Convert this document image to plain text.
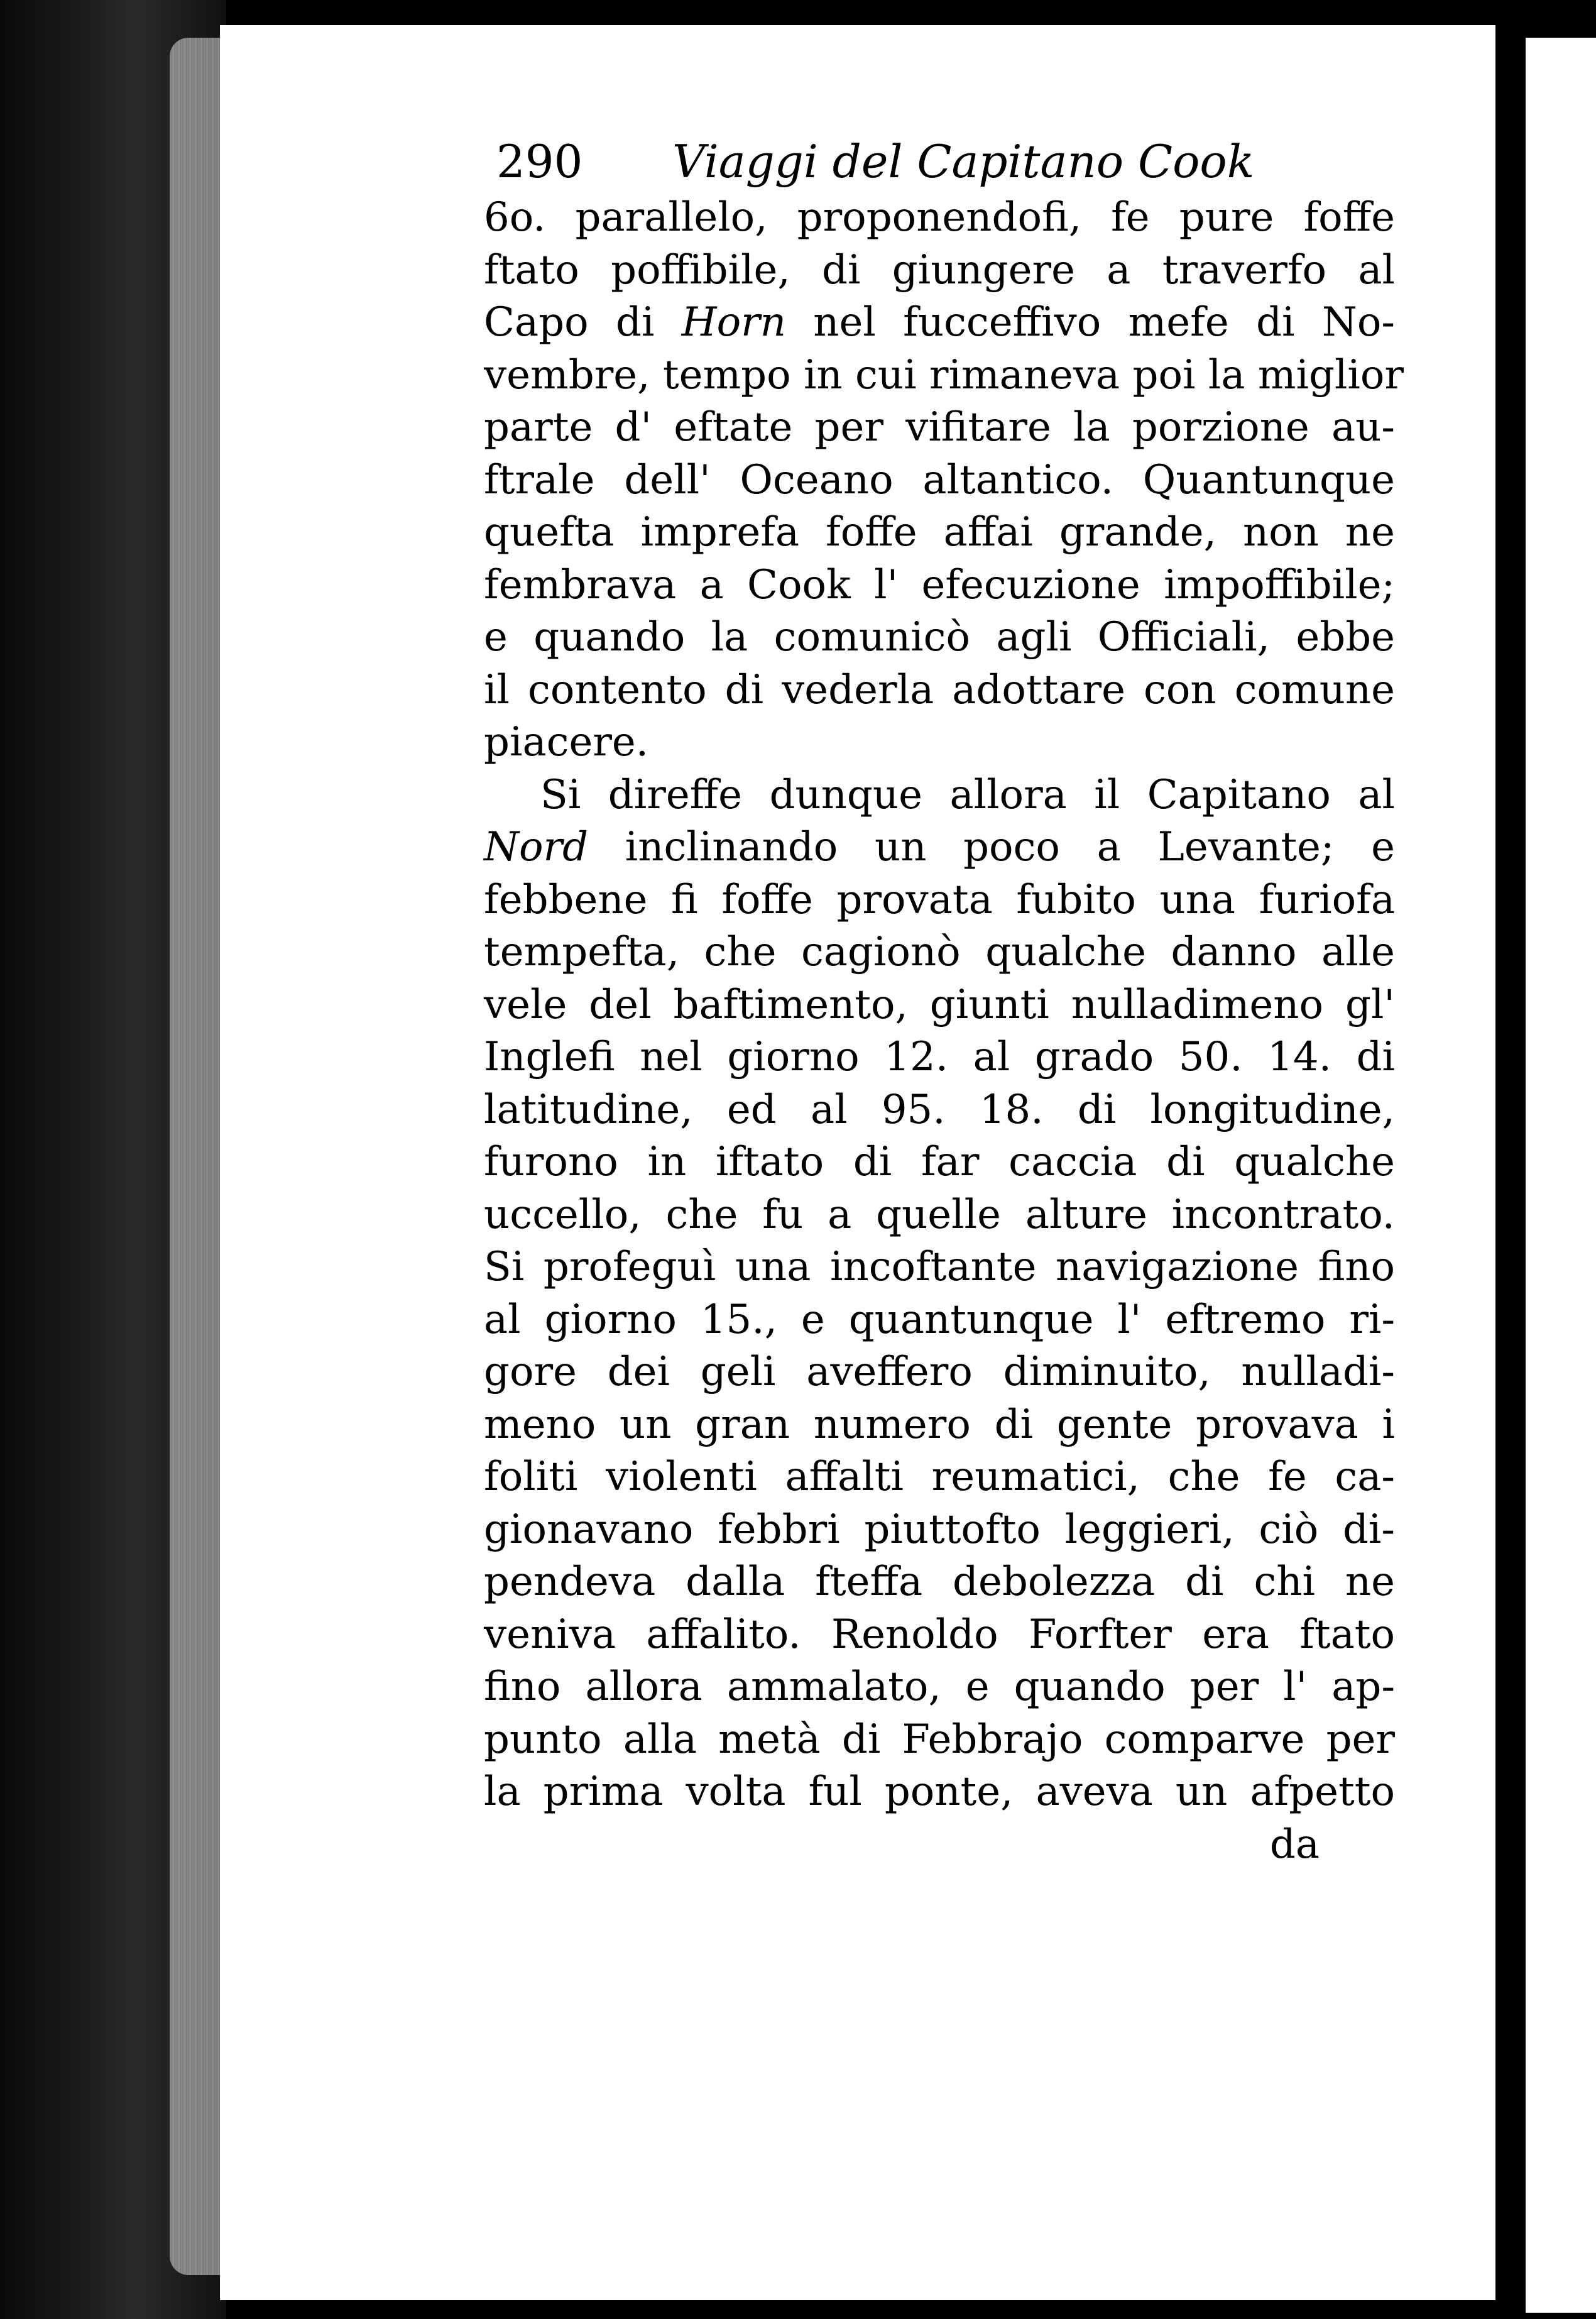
290 Viaggi del Capitano Cook
6o. parallelo, proponendofi, fe pure foffe
ftato poffibile, di giungere a traverfo al
Capo di Horn nel fucceffivo mefe di No-
vembre, tempo in cui rimaneva poi la miglior
parte d' eftate per vifitare la porzione au-
ftrale dell' Oceano altantico. Quantunque
quefta imprefa foffe affai grande, non ne
fembrava a Cook l' efecuzione impoffibile;
e quando la comunicò agli Officiali, ebbe
il contento di vederla adottare con comune
piacere.
Si direffe dunque allora il Capitano al
Nord inclinando un poco a Levante; e
febbene fi foffe provata fubito una furiofa
tempefta, che cagionò qualche danno alle
vele del baftimento, giunti nulladimeno gl'
Inglefi nel giorno 12. al grado 50. 14. di
latitudine, ed al 95. 18. di longitudine,
furono in iftato di far caccia di qualche
uccello, che fu a quelle alture incontrato.
Si profeguì una incoftante navigazione fino
al giorno 15., e quantunque l' eftremo ri-
gore dei geli aveffero diminuito, nulladi-
meno un gran numero di gente provava i
foliti violenti affalti reumatici, che fe ca-
gionavano febbri piuttofto leggieri, ciò di-
pendeva dalla fteffa debolezza di chi ne
veniva affalito. Renoldo Forfter era ftato
fino allora ammalato, e quando per l' ap-
punto alla metà di Febbrajo comparve per
la prima volta ful ponte, aveva un afpetto
da
